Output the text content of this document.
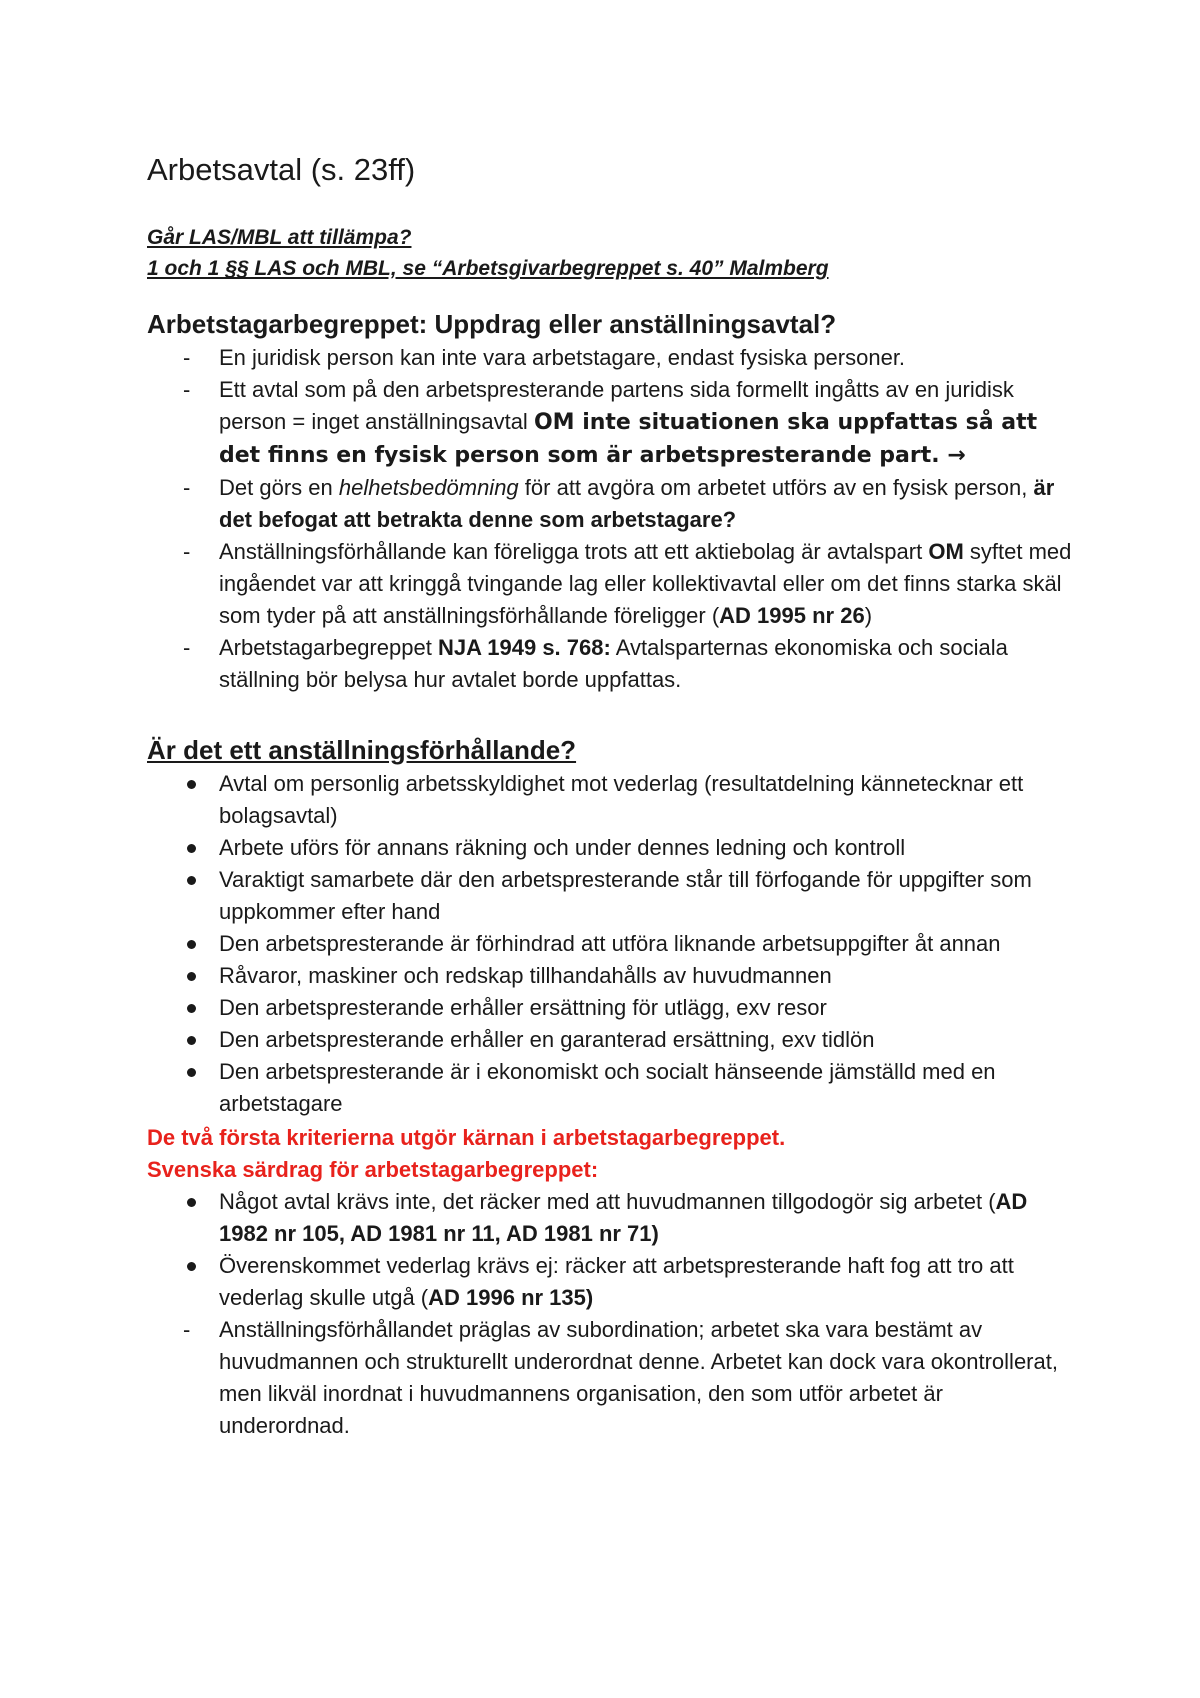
Arbetsavtal (s. 23ff)

Går LAS/MBL att tillämpa?

1 och 1 §§ LAS och MBL, se “Arbetsgivarbegreppet s. 40” Malmberg

Arbetstagarbegreppet: Uppdrag eller anställningsavtal?
-	En juridisk person kan inte vara arbetstagare, endast fysiska personer.
-	Ett avtal som på den arbetspresterande partens sida formellt ingåtts av en juridisk person = inget anställningsavtal OM inte situationen ska uppfattas så att det finns en fysisk person som är arbetspresterande part. →
-	Det görs en helhetsbedömning för att avgöra om arbetet utförs av en fysisk person, är det befogat att betrakta denne som arbetstagare?
-	Anställningsförhållande kan föreligga trots att ett aktiebolag är avtalspart OM syftet med ingåendet var att kringgå tvingande lag eller kollektivavtal eller om det finns starka skäl som tyder på att anställningsförhållande föreligger (AD 1995 nr 26)
-	Arbetstagarbegreppet NJA 1949 s. 768: Avtalsparternas ekonomiska och sociala ställning bör belysa hur avtalet borde uppfattas.
Är det ett anställningsförhållande?
Avtal om personlig arbetsskyldighet mot vederlag (resultatdelning kännetecknar ett bolagsavtal)
Arbete uförs för annans räkning och under dennes ledning och kontroll
Varaktigt samarbete där den arbetspresterande står till förfogande för uppgifter som uppkommer efter hand
Den arbetspresterande är förhindrad att utföra liknande arbetsuppgifter åt annan
Råvaror, maskiner och redskap tillhandahålls av huvudmannen
Den arbetspresterande erhåller ersättning för utlägg, exv resor
Den arbetspresterande erhåller en garanterad ersättning, exv tidlön
Den arbetspresterande är i ekonomiskt och socialt hänseende jämställd med en arbetstagare

De två första kriterierna utgör kärnan i arbetstagarbegreppet.

Svenska särdrag för arbetstagarbegreppet:

Något avtal krävs inte, det räcker med att huvudmannen tillgodogör sig arbetet (AD 1982 nr 105, AD 1981 nr 11, AD 1981 nr 71)
Överenskommet vederlag krävs ej: räcker att arbetspresterande haft fog att tro att vederlag skulle utgå (AD 1996 nr 135)
-	Anställningsförhållandet präglas av subordination; arbetet ska vara bestämt av huvudmannen och strukturellt underordnat denne. Arbetet kan dock vara okontrollerat, men likväl inordnat i huvudmannens organisation, den som utför arbetet är underordnad.
